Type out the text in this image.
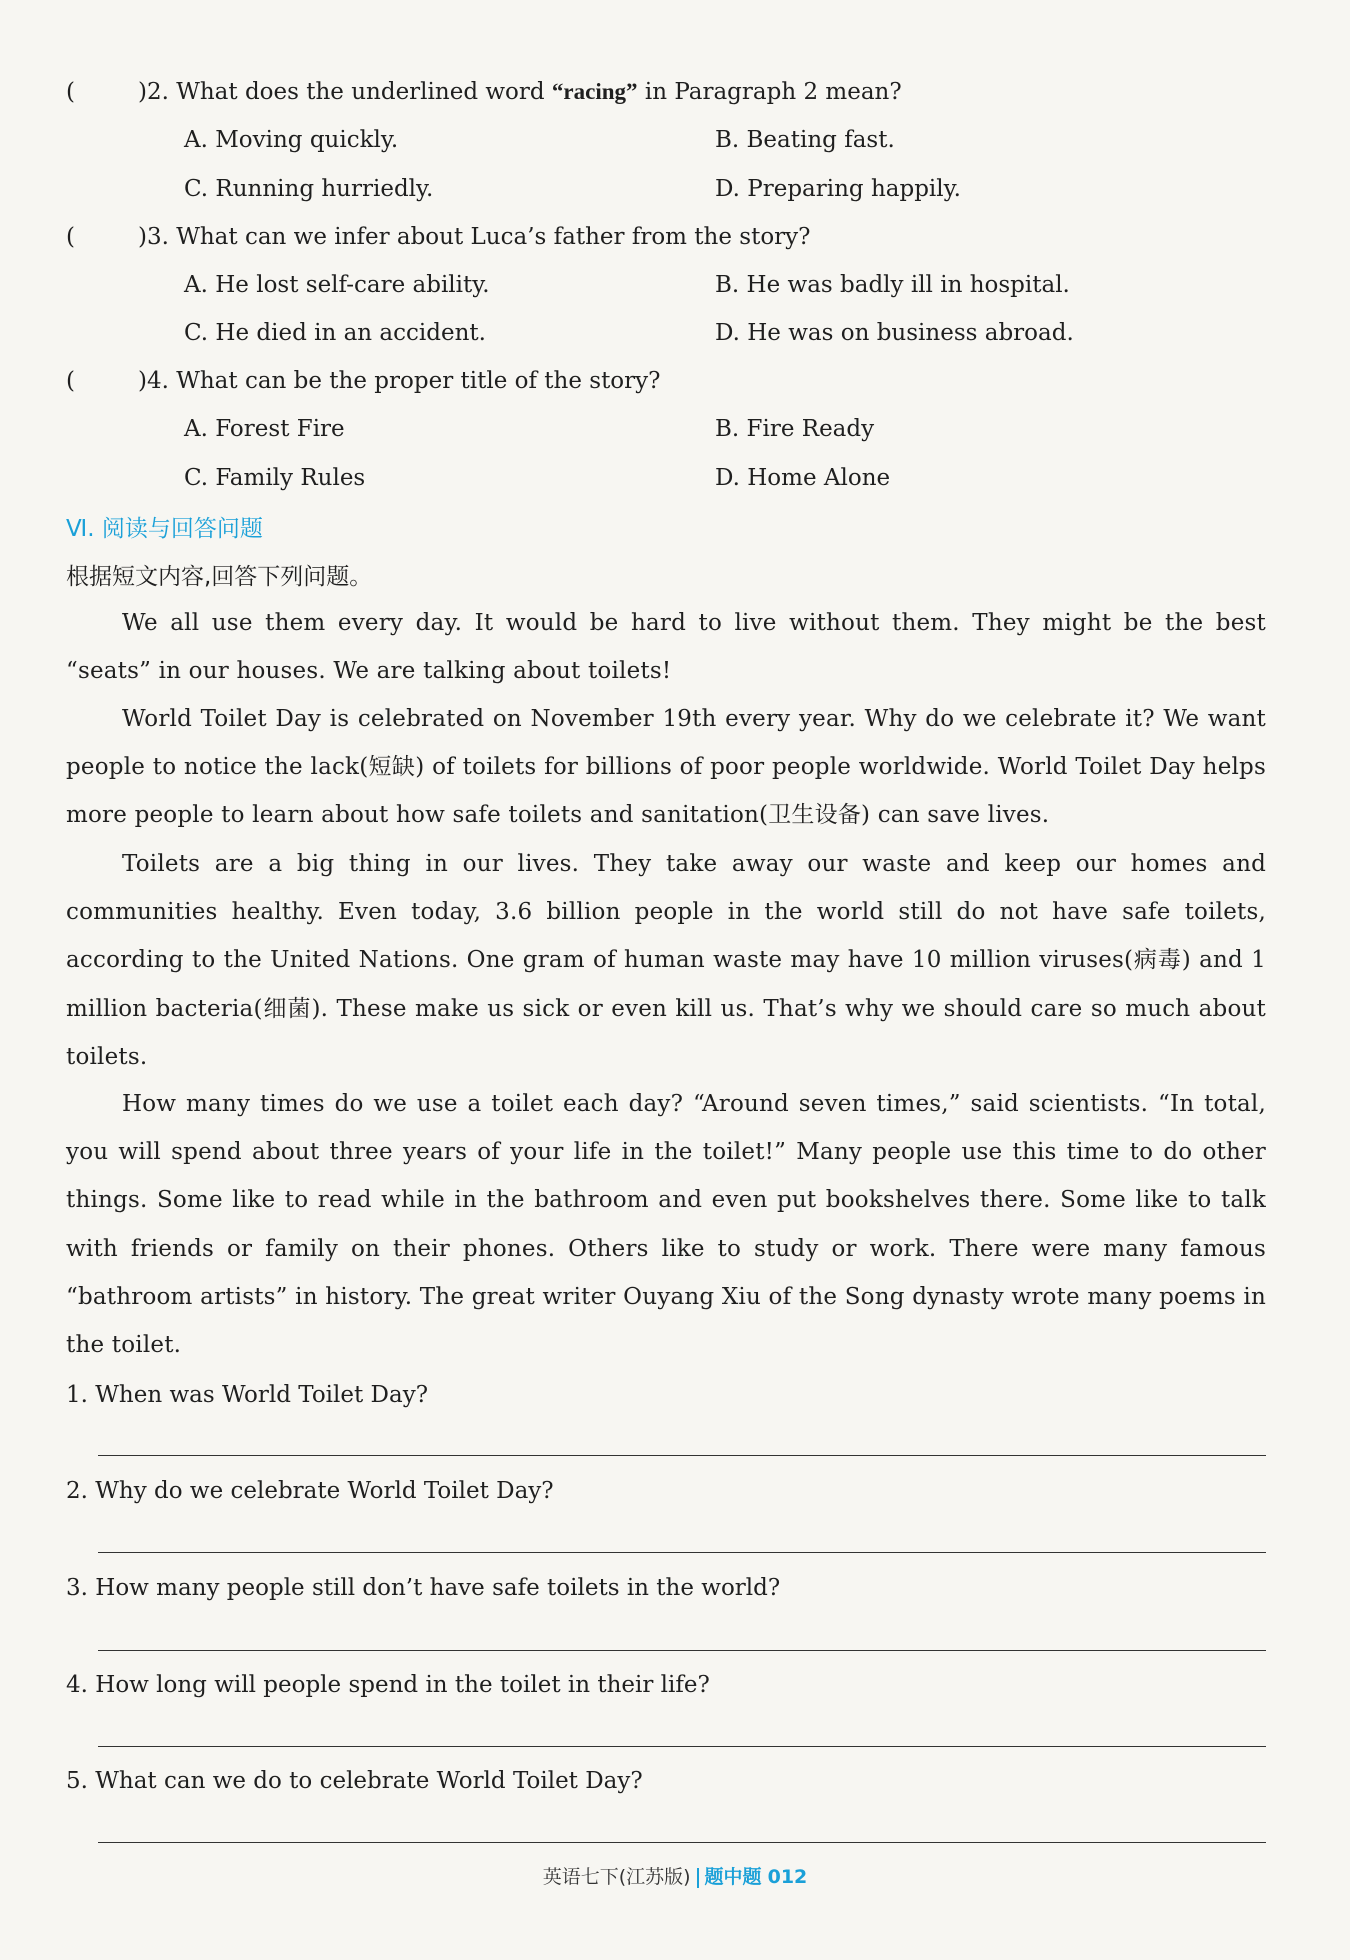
(	)2. What does the underlined word “racing” in Paragraph 2 mean?
A. Moving quickly.	B. Beating fast.
C. Running hurriedly.	D. Preparing happily.
(	)3. What can we infer about Luca’s father from the story?
A. He lost self-care ability.	B. He was badly ill in hospital.
C. He died in an accident.	D. He was on business abroad.
(	)4. What can be the proper title of the story?
A. Forest Fire	B. Fire Ready
C. Family Rules	D. Home Alone
Ⅵ. 阅读与回答问题
根据短文内容,回答下列问题。
We all use them every day. It would be hard to live without them. They might be the best “seats” in our houses. We are talking about toilets!
World Toilet Day is celebrated on November 19th every year. Why do we celebrate it? We want people to notice the lack(短缺) of toilets for billions of poor people worldwide. World Toilet Day helps more people to learn about how safe toilets and sanitation(卫生设备) can save lives.
Toilets are a big thing in our lives. They take away our waste and keep our homes and communities healthy. Even today, 3.6 billion people in the world still do not have safe toilets, according to the United Nations. One gram of human waste may have 10 million viruses(病毒) and 1 million bacteria(细菌). These make us sick or even kill us. That’s why we should care so much about toilets.
How many times do we use a toilet each day? “Around seven times,” said scientists. “In total, you will spend about three years of your life in the toilet!” Many people use this time to do other things. Some like to read while in the bathroom and even put bookshelves there. Some like to talk with friends or family on their phones. Others like to study or work. There were many famous “bathroom artists” in history. The great writer Ouyang Xiu of the Song dynasty wrote many poems in the toilet.
1. When was World Toilet Day?
2. Why do we celebrate World Toilet Day?
3. How many people still don’t have safe toilets in the world?
4. How long will people spend in the toilet in their life?
5. What can we do to celebrate World Toilet Day?
英语七下(江苏版) 题中题 012
